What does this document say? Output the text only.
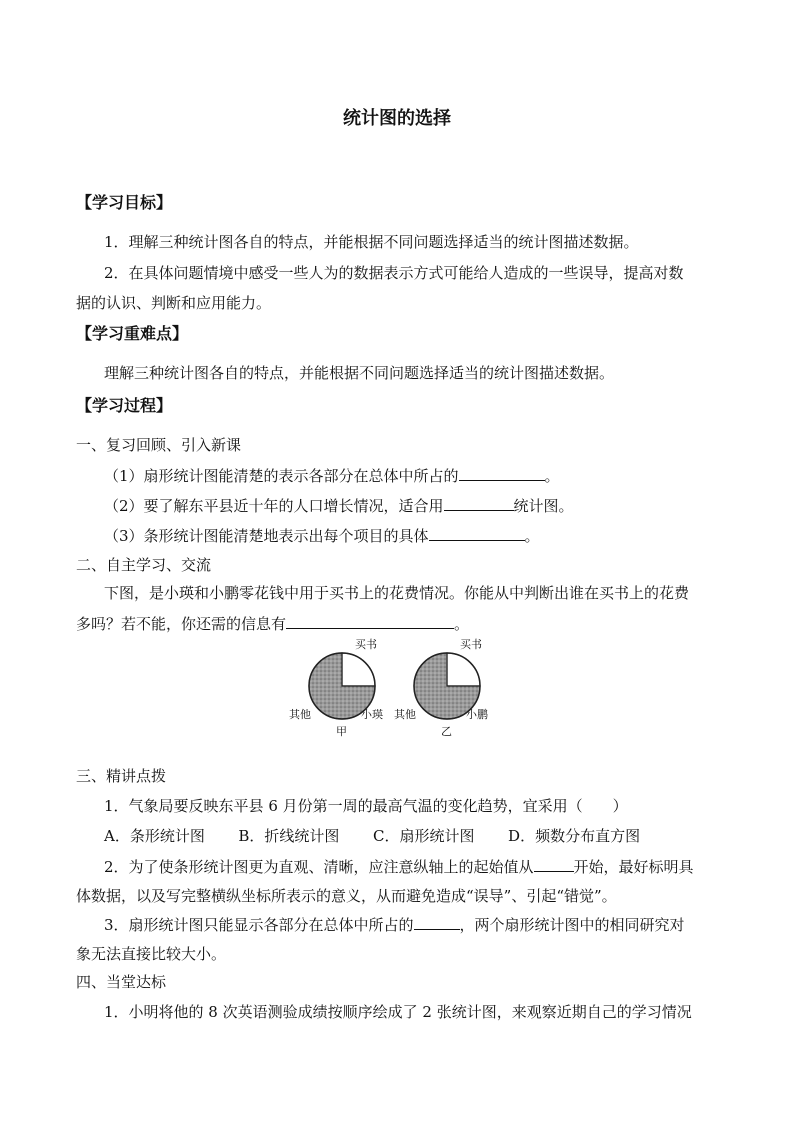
统计图的选择
【学习目标】
1．理解三种统计图各自的特点，并能根据不同问题选择适当的统计图描述数据。
2．在具体问题情境中感受一些人为的数据表示方式可能给人造成的一些误导，提高对数
据的认识、判断和应用能力。
【学习重难点】
理解三种统计图各自的特点，并能根据不同问题选择适当的统计图描述数据。
【学习过程】
一、复习回顾、引入新课
（1）扇形统计图能清楚的表示各部分在总体中所占的	。
（2）要了解东平县近十年的人口增长情况，适合用	统计图。
（3）条形统计图能清楚地表示出每个项目的具体	。
二、自主学习、交流
下图，是小瑛和小鹏零花钱中用于买书上的花费情况。你能从中判断出谁在买书上的花费
多吗？若不能，你还需的信息有	。
买书
其他	小瑛
甲
买书
其他	小鹏
乙
三、精讲点拨
1．气象局要反映东平县 6 月份第一周的最高气温的变化趋势，宜采用（　　）
A．条形统计图 B．折线统计图 C．扇形统计图 D．频数分布直方图
2．为了使条形统计图更为直观、清晰，应注意纵轴上的起始值从	开始，最好标明具
体数据，以及写完整横纵坐标所表示的意义，从而避免造成“误导”、引起“错觉”。
3．扇形统计图只能显示各部分在总体中所占的	，两个扇形统计图中的相同研究对
象无法直接比较大小。
四、当堂达标
1．小明将他的 8 次英语测验成绩按顺序绘成了 2 张统计图，来观察近期自己的学习情况
